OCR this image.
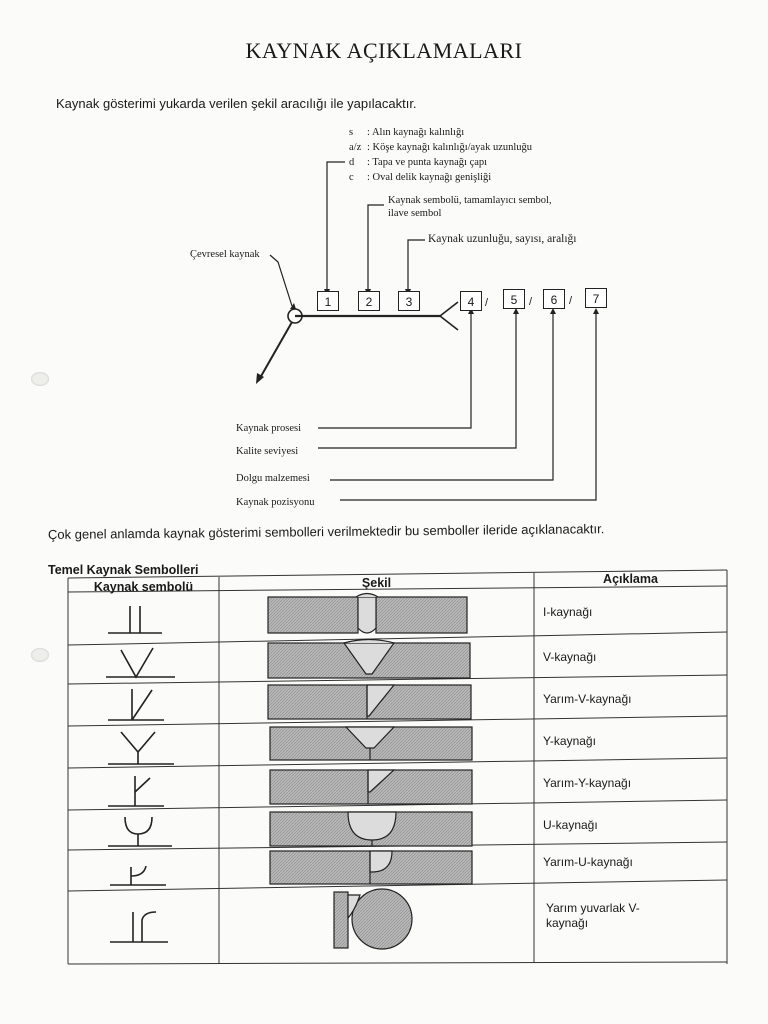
KAYNAK AÇIKLAMALARI
Kaynak gösterimi yukarda verilen şekil aracılığı ile yapılacaktır.
s : Alın kaynağı kalınlığı
a/z : Köşe kaynağı kalınlığı/ayak uzunluğu
d : Tapa ve punta kaynağı çapı
c : Oval delik kaynağı genişliği
Kaynak sembolü, tamamlayıcı sembol,
ilave sembol
Kaynak uzunluğu, sayısı, aralığı
Çevresel kaynak
Kaynak prosesi
Kalite seviyesi
Dolgu malzemesi
Kaynak pozisyonu
1	2	3	4 /	5	/	6	/	7
Çok genel anlamda kaynak gösterimi sembolleri verilmektedir bu semboller ileride açıklanacaktır.
Temel Kaynak Sembolleri
Kaynak sembolü	Şekil	Açıklama
I-kaynağı
V-kaynağı
Yarım-V-kaynağı
Y-kaynağı
Yarım-Y-kaynağı
U-kaynağı
Yarım-U-kaynağı
Yarım yuvarlak V-
kaynağı
